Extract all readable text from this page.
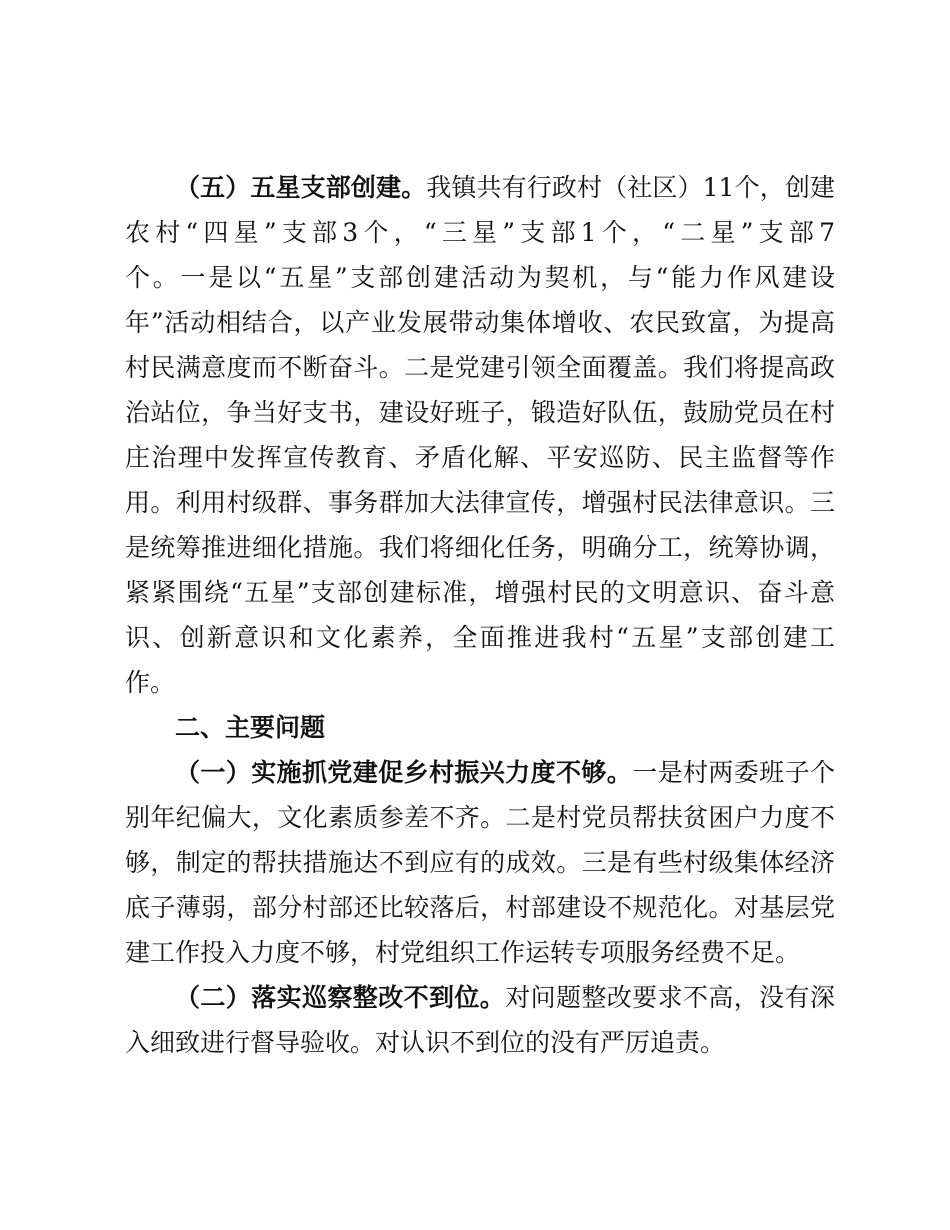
（五）五星支部创建。我镇共有行政村（社区）11个，创建
农村“四星”支部3个，“三星”支部1个，“二星”支部7
个。一是以“五星”支部创建活动为契机，与“能力作风建设
年”活动相结合，以产业发展带动集体增收、农民致富，为提高
村民满意度而不断奋斗。二是党建引领全面覆盖。我们将提高政
治站位，争当好支书，建设好班子，锻造好队伍，鼓励党员在村
庄治理中发挥宣传教育、矛盾化解、平安巡防、民主监督等作
用。利用村级群、事务群加大法律宣传，增强村民法律意识。三
是统筹推进细化措施。我们将细化任务，明确分工，统筹协调，
紧紧围绕“五星”支部创建标准，增强村民的文明意识、奋斗意
识、创新意识和文化素养，全面推进我村“五星”支部创建工
作。
二、主要问题
（一）实施抓党建促乡村振兴力度不够。一是村两委班子个
别年纪偏大，文化素质参差不齐。二是村党员帮扶贫困户力度不
够，制定的帮扶措施达不到应有的成效。三是有些村级集体经济
底子薄弱，部分村部还比较落后，村部建设不规范化。对基层党
建工作投入力度不够，村党组织工作运转专项服务经费不足。
（二）落实巡察整改不到位。对问题整改要求不高，没有深
入细致进行督导验收。对认识不到位的没有严厉追责。
